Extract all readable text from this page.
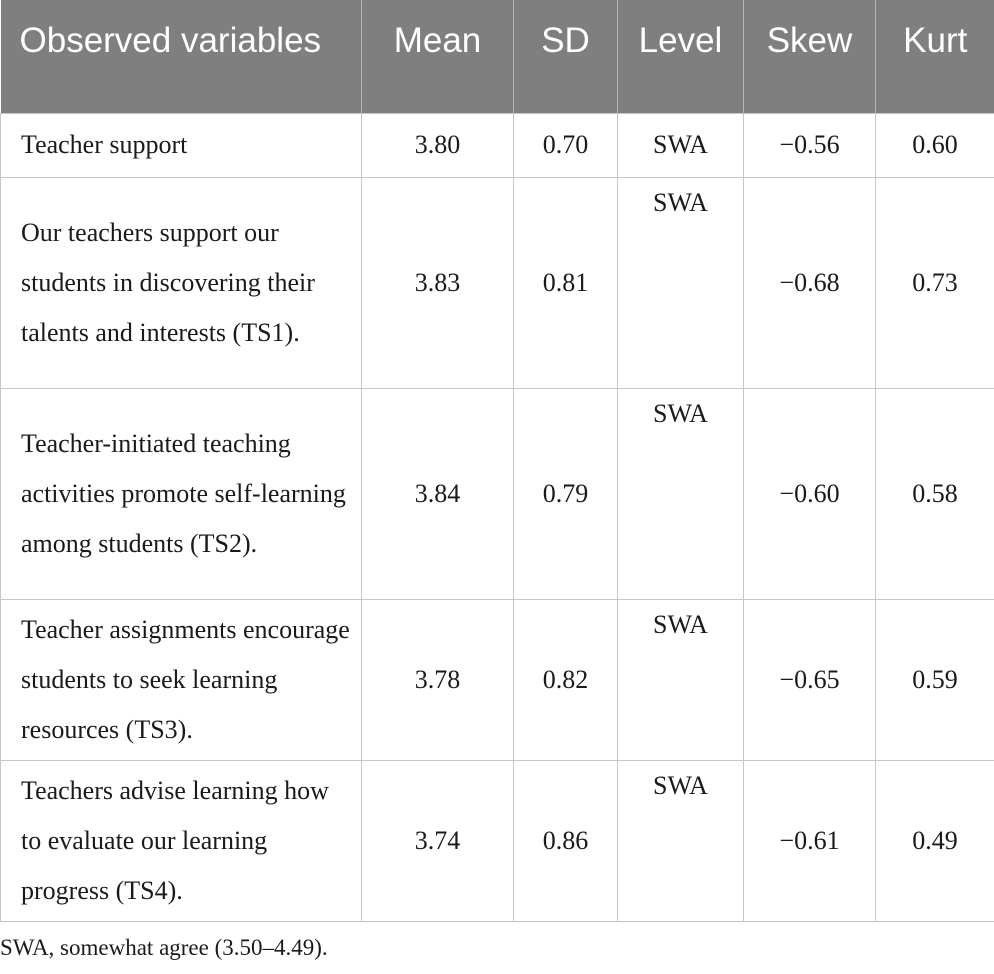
Observed variables	Mean	SD	Level	Skew	Kurt
Teacher support	3.80	0.70	SWA	−0.56	0.60
Our teachers support our students in discovering their talents and interests (TS1).	3.83	0.81	SWA	−0.68	0.73
Teacher-initiated teaching activities promote self-learning among students (TS2).	3.84	0.79	SWA	−0.60	0.58
Teacher assignments encourage students to seek learning resources (TS3).	3.78	0.82	SWA	−0.65	0.59
Teachers advise learning how to evaluate our learning progress (TS4).	3.74	0.86	SWA	−0.61	0.49
SWA, somewhat agree (3.50–4.49).
